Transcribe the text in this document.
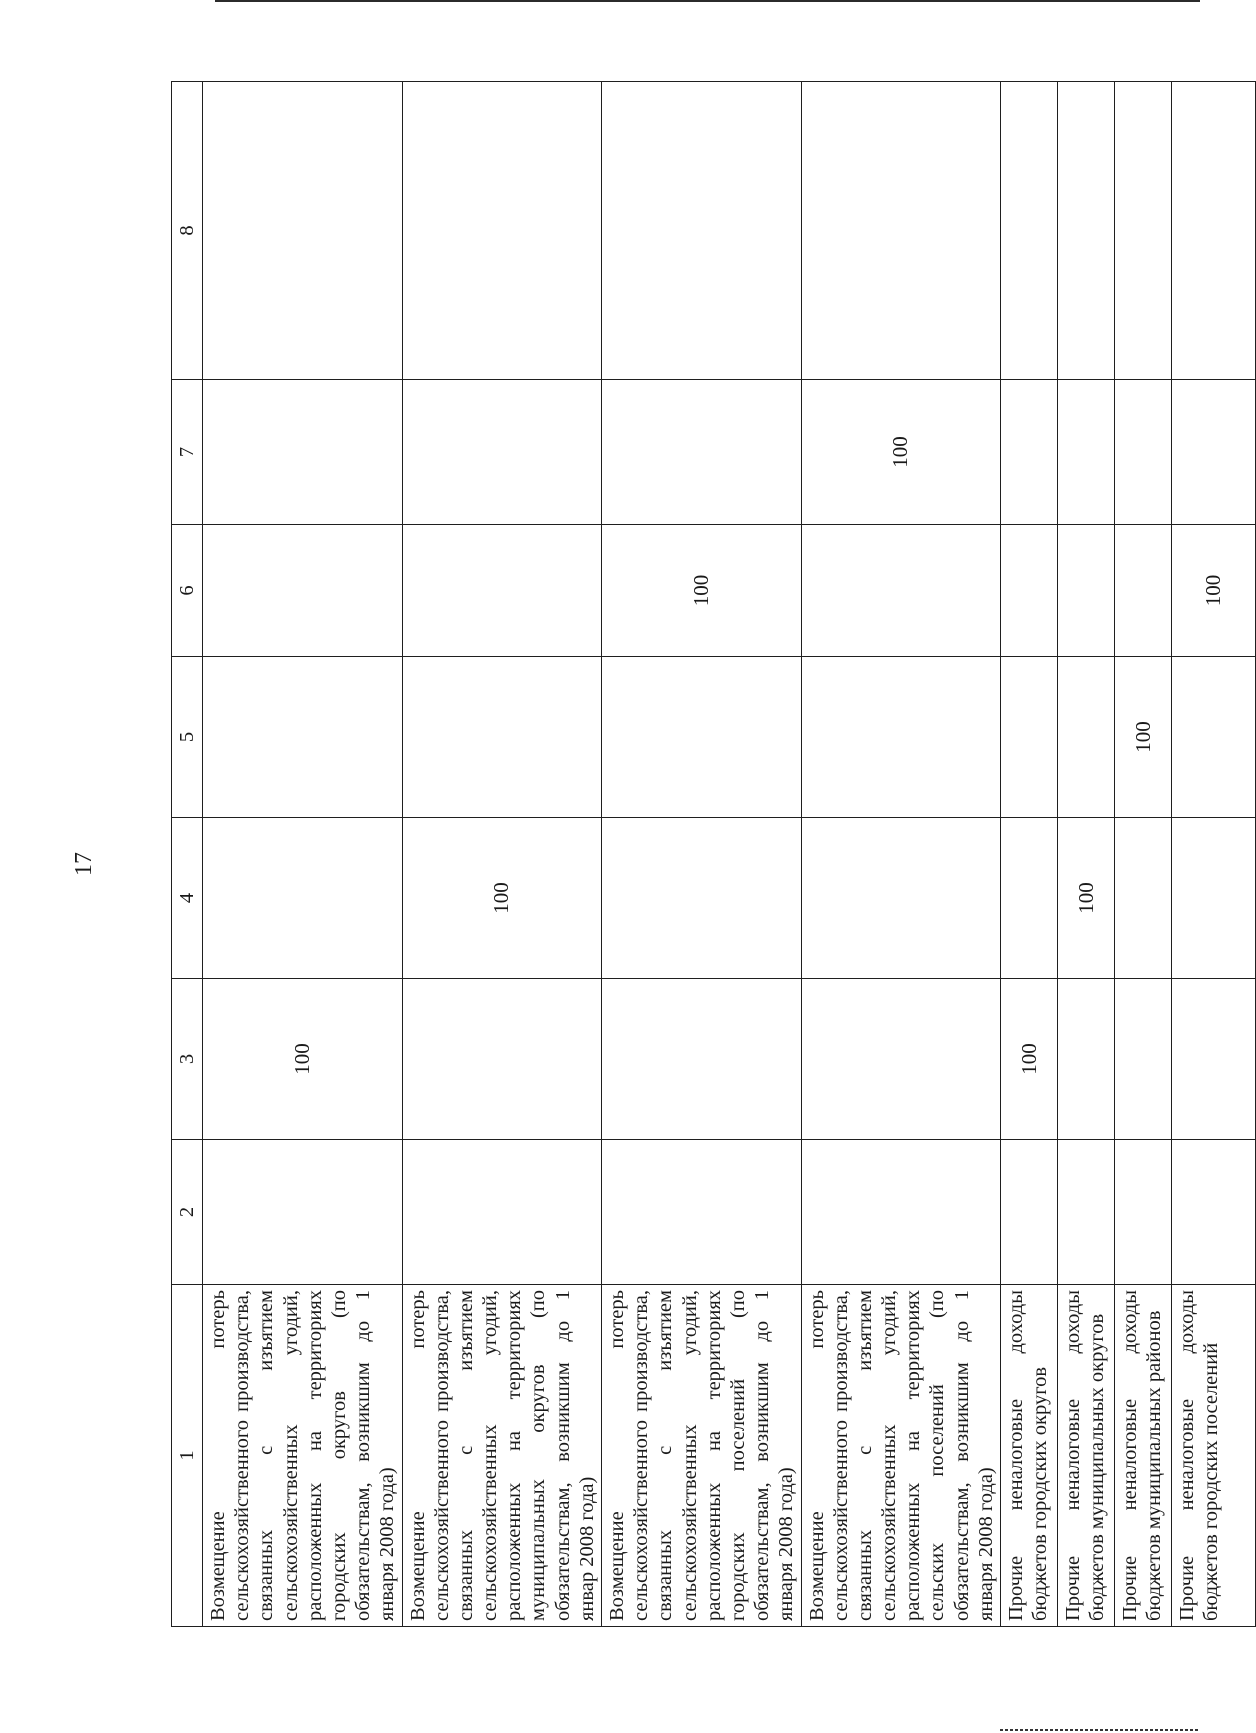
17
1	2	3	4	5	6	7	8
Возмещение потерь сельскохозяйственного производства, связанных с изъятием сельскохозяйственных угодий, расположенных на территориях городских округов (по обязательствам, возникшим до 1 января 2008 года)		100					
Возмещение потерь сельскохозяйственного производства, связанных с изъятием сельскохозяйственных угодий, расположенных на территориях муниципальных округов (по обязательствам, возникшим до 1 январ 2008 года)			100				
Возмещение потерь сельскохозяйственного производства, связанных с изъятием сельскохозяйственных угодий, расположенных на территориях городских поселений (по обязательствам, возникшим до 1 января 2008 года)					100		
Возмещение потерь сельскохозяйственного производства, связанных с изъятием сельскохозяйственных угодий, расположенных на территориях сельских поселений (по обязательствам, возникшим до 1 января 2008 года)						100	
Прочие неналоговые доходы бюджетов городских округов		100					
Прочие неналоговые доходы бюджетов муниципальных округов			100				
Прочие неналоговые доходы бюджетов муниципальных районов				100			
Прочие неналоговые доходы бюджетов городских поселений					100		
